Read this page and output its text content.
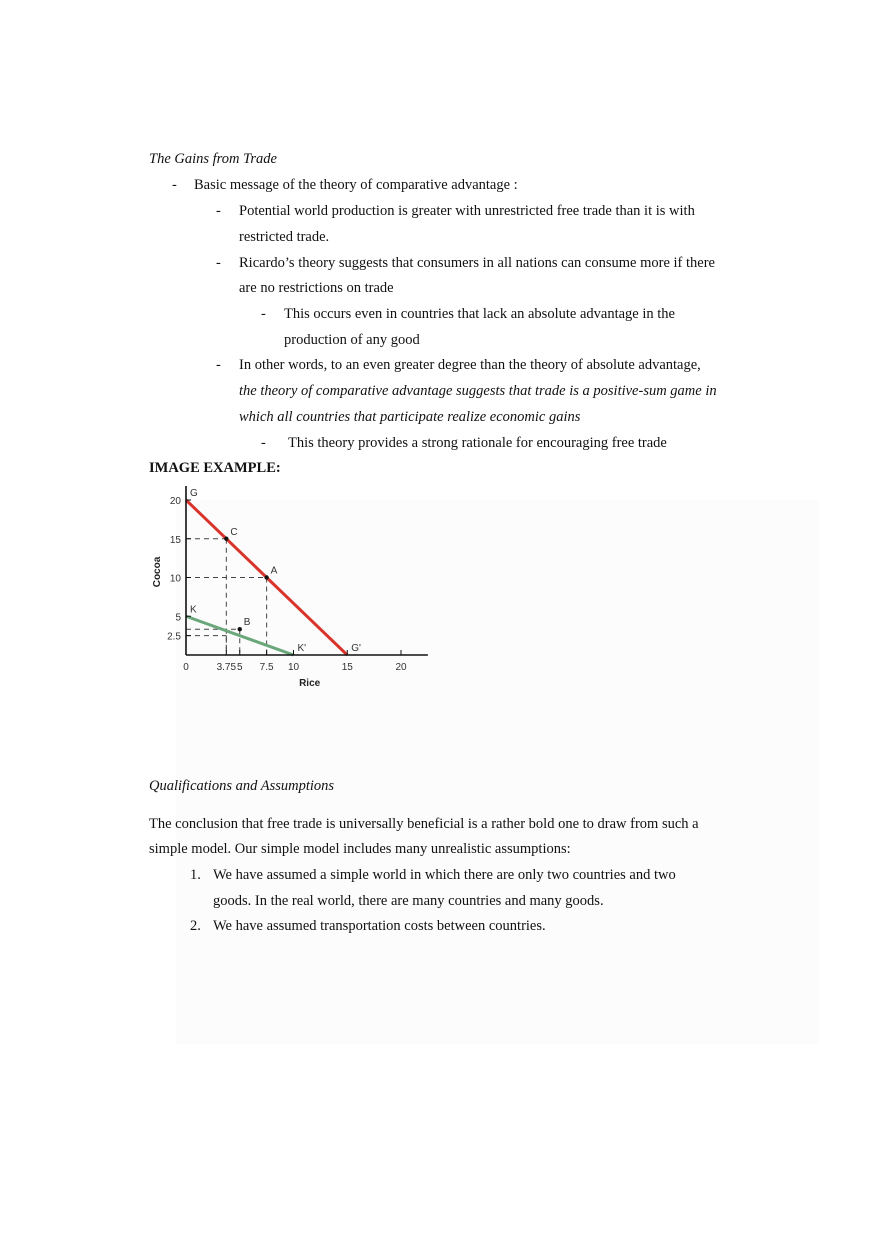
The Gains from Trade
- Basic message of the theory of comparative advantage :
- Potential world production is greater with unrestricted free trade than it is with
restricted trade.
- Ricardo’s theory suggests that consumers in all nations can consume more if there
are no restrictions on trade
- This occurs even in countries that lack an absolute advantage in the
production of any good
- In other words, to an even greater degree than the theory of absolute advantage,
the theory of comparative advantage suggests that trade is a positive-sum game in
which all countries that participate realize economic gains
- This theory provides a strong rationale for encouraging free trade
IMAGE EXAMPLE:
0	3.75 5 7.5 10	15	20
2.5
5
10
15
20
Rice
Cocoa
G
C
A
K
B
K'	G'
Qualifications and Assumptions
The conclusion that free trade is universally beneficial is a rather bold one to draw from such a
simple model. Our simple model includes many unrealistic assumptions:
1. We have assumed a simple world in which there are only two countries and two
goods. In the real world, there are many countries and many goods.
2. We have assumed transportation costs between countries.
